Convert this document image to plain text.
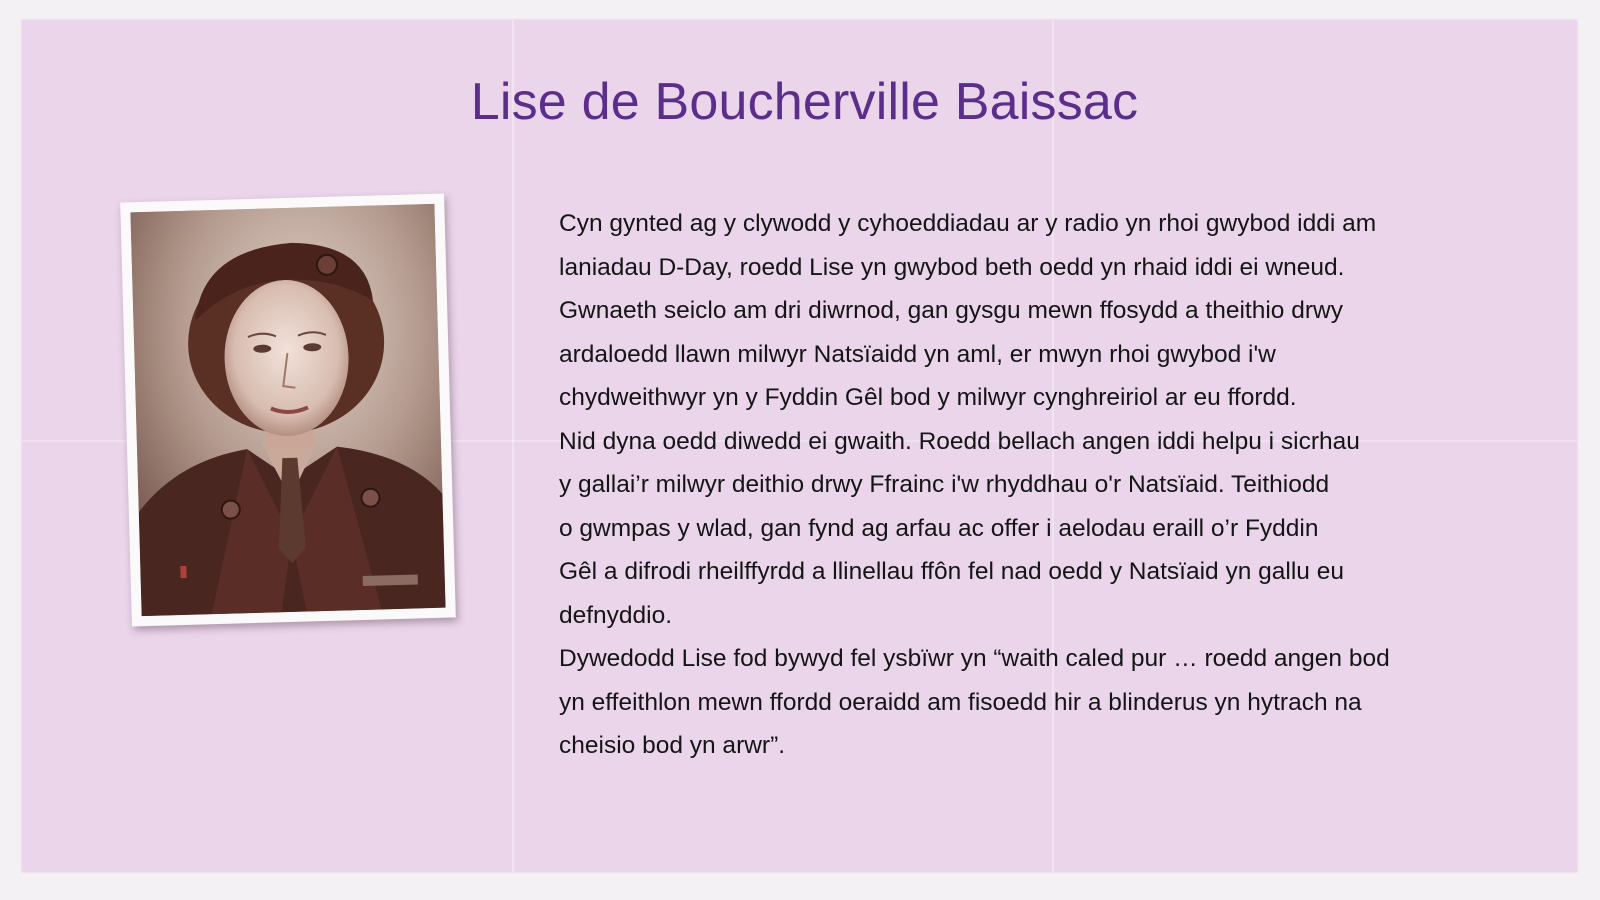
Lise de Boucherville Baissac
Cyn gynted ag y clywodd y cyhoeddiadau ar y radio yn rhoi gwybod iddi am
laniadau D-Day, roedd Lise yn gwybod beth oedd yn rhaid iddi ei wneud.
Gwnaeth seiclo am dri diwrnod, gan gysgu mewn ffosydd a theithio drwy
ardaloedd llawn milwyr Natsïaidd yn aml, er mwyn rhoi gwybod i'w
chydweithwyr yn y Fyddin Gêl bod y milwyr cynghreiriol ar eu ffordd.
Nid dyna oedd diwedd ei gwaith. Roedd bellach angen iddi helpu i sicrhau
y gallai’r milwyr deithio drwy Ffrainc i'w rhyddhau o'r Natsïaid. Teithiodd
o gwmpas y wlad, gan fynd ag arfau ac offer i aelodau eraill o’r Fyddin
Gêl a difrodi rheilffyrdd a llinellau ffôn fel nad oedd y Natsïaid yn gallu eu
defnyddio.
Dywedodd Lise fod bywyd fel ysbïwr yn “waith caled pur … roedd angen bod
yn effeithlon mewn ffordd oeraidd am fisoedd hir a blinderus yn hytrach na
cheisio bod yn arwr”.
